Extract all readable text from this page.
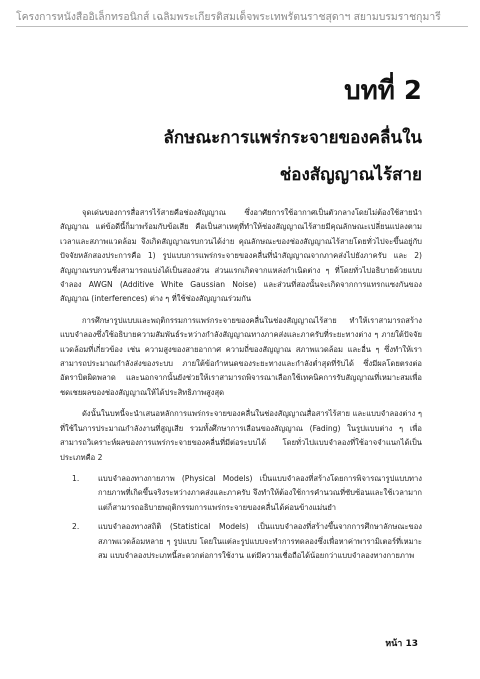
โครงการหนังสืออิเล็กทรอนิกส์ เฉลิมพระเกียรติสมเด็จพระเทพรัตนราชสุดาฯ สยามบรมราชกุมารี
บทที่ 2
ลักษณะการแพร่กระจายของคลื่นใน
ช่องสัญญาณไร้สาย

จุดเด่นของการสื่อสารไร้สายคือช่องสัญญาณ ซึ่งอาศัยการใช้อากาศเป็นตัวกลางโดยไม่ต้องใช้สายนำสัญญาณ แต่ข้อดีนี้ก็มาพร้อมกับข้อเสีย คือเป็นสาเหตุที่ทำให้ช่องสัญญาณไร้สายมีคุณลักษณะเปลี่ยนแปลงตามเวลาและสภาพแวดล้อม จึงเกิดสัญญาณรบกวนได้ง่าย คุณลักษณะของช่องสัญญาณไร้สายโดยทั่วไปจะขึ้นอยู่กับปัจจัยหลักสองประการคือ 1) รูปแบบการแพร่กระจายของคลื่นที่นำสัญญาณจากภาคส่งไปยังภาครับ และ 2) สัญญาณรบกวนซึ่งสามารถแบ่งได้เป็นสองส่วน ส่วนแรกเกิดจากแหล่งกำเนิดต่าง ๆ ที่โดยทั่วไปอธิบายด้วยแบบจำลอง AWGN (Additive White Gaussian Noise) และส่วนที่สองนั้นจะเกิดจากการแทรกแซงกันของสัญญาณ (interferences) ต่าง ๆ ที่ใช้ช่องสัญญาณร่วมกัน

การศึกษารูปแบบและพฤติกรรมการแพร่กระจายของคลื่นในช่องสัญญาณไร้สาย ทำให้เราสามารถสร้างแบบจำลองซึ่งใช้อธิบายความสัมพันธ์ระหว่างกำลังสัญญาณทางภาคส่งและภาครับที่ระยะทางต่าง ๆ ภายใต้ปัจจัยแวดล้อมที่เกี่ยวข้อง เช่น ความสูงของสายอากาศ ความถี่ของสัญญาณ สภาพแวดล้อม และอื่น ๆ ซึ่งทำให้เราสามารถประมาณกำลังส่งของระบบ ภายใต้ข้อกำหนดของระยะทางและกำลังต่ำสุดที่รับได้ ซึ่งมีผลโดยตรงต่ออัตราบิตผิดพลาด และนอกจากนั้นยังช่วยให้เราสามารถพิจารณาเลือกใช้เทคนิคการรับสัญญาณที่เหมาะสมเพื่อชดเชยผลของช่องสัญญาณให้ได้ประสิทธิภาพสูงสุด

ดังนั้นในบทนี้จะนำเสนอหลักการแพร่กระจายของคลื่นในช่องสัญญาณสื่อสารไร้สาย และแบบจำลองต่าง ๆ ที่ใช้ในการประมาณกำลังงานที่สูญเสีย รวมทั้งศึกษาการเลือนของสัญญาณ (Fading) ในรูปแบบต่าง ๆ เพื่อสามารถวิเคราะห์ผลของการแพร่กระจายของคลื่นที่มีต่อระบบได้ โดยทั่วไปแบบจำลองที่ใช้อาจจำแนกได้เป็นประเภทคือ 2

1.	แบบจำลองทางกายภาพ (Physical Models) เป็นแบบจำลองที่สร้างโดยการพิจารณารูปแบบทางกายภาพที่เกิดขึ้นจริงระหว่างภาคส่งและภาครับ จึงทำให้ต้องใช้การคำนวณที่ซับซ้อนและใช้เวลามาก แต่ก็สามารถอธิบายพฤติกรรมการแพร่กระจายของคลื่นได้ค่อนข้างแม่นยำ
2.	แบบจำลองทางสถิติ (Statistical Models) เป็นแบบจำลองที่สร้างขึ้นจากการศึกษาลักษณะของสภาพแวดล้อมหลาย ๆ รูปแบบ โดยในแต่ละรูปแบบจะทำการทดลองซึ่งเพื่อหาค่าพารามิเตอร์ที่เหมาะสม แบบจำลองประเภทนี้สะดวกต่อการใช้งาน แต่มีความเชื่อถือได้น้อยกว่าแบบจำลองทางกายภาพ
หน้า 13
